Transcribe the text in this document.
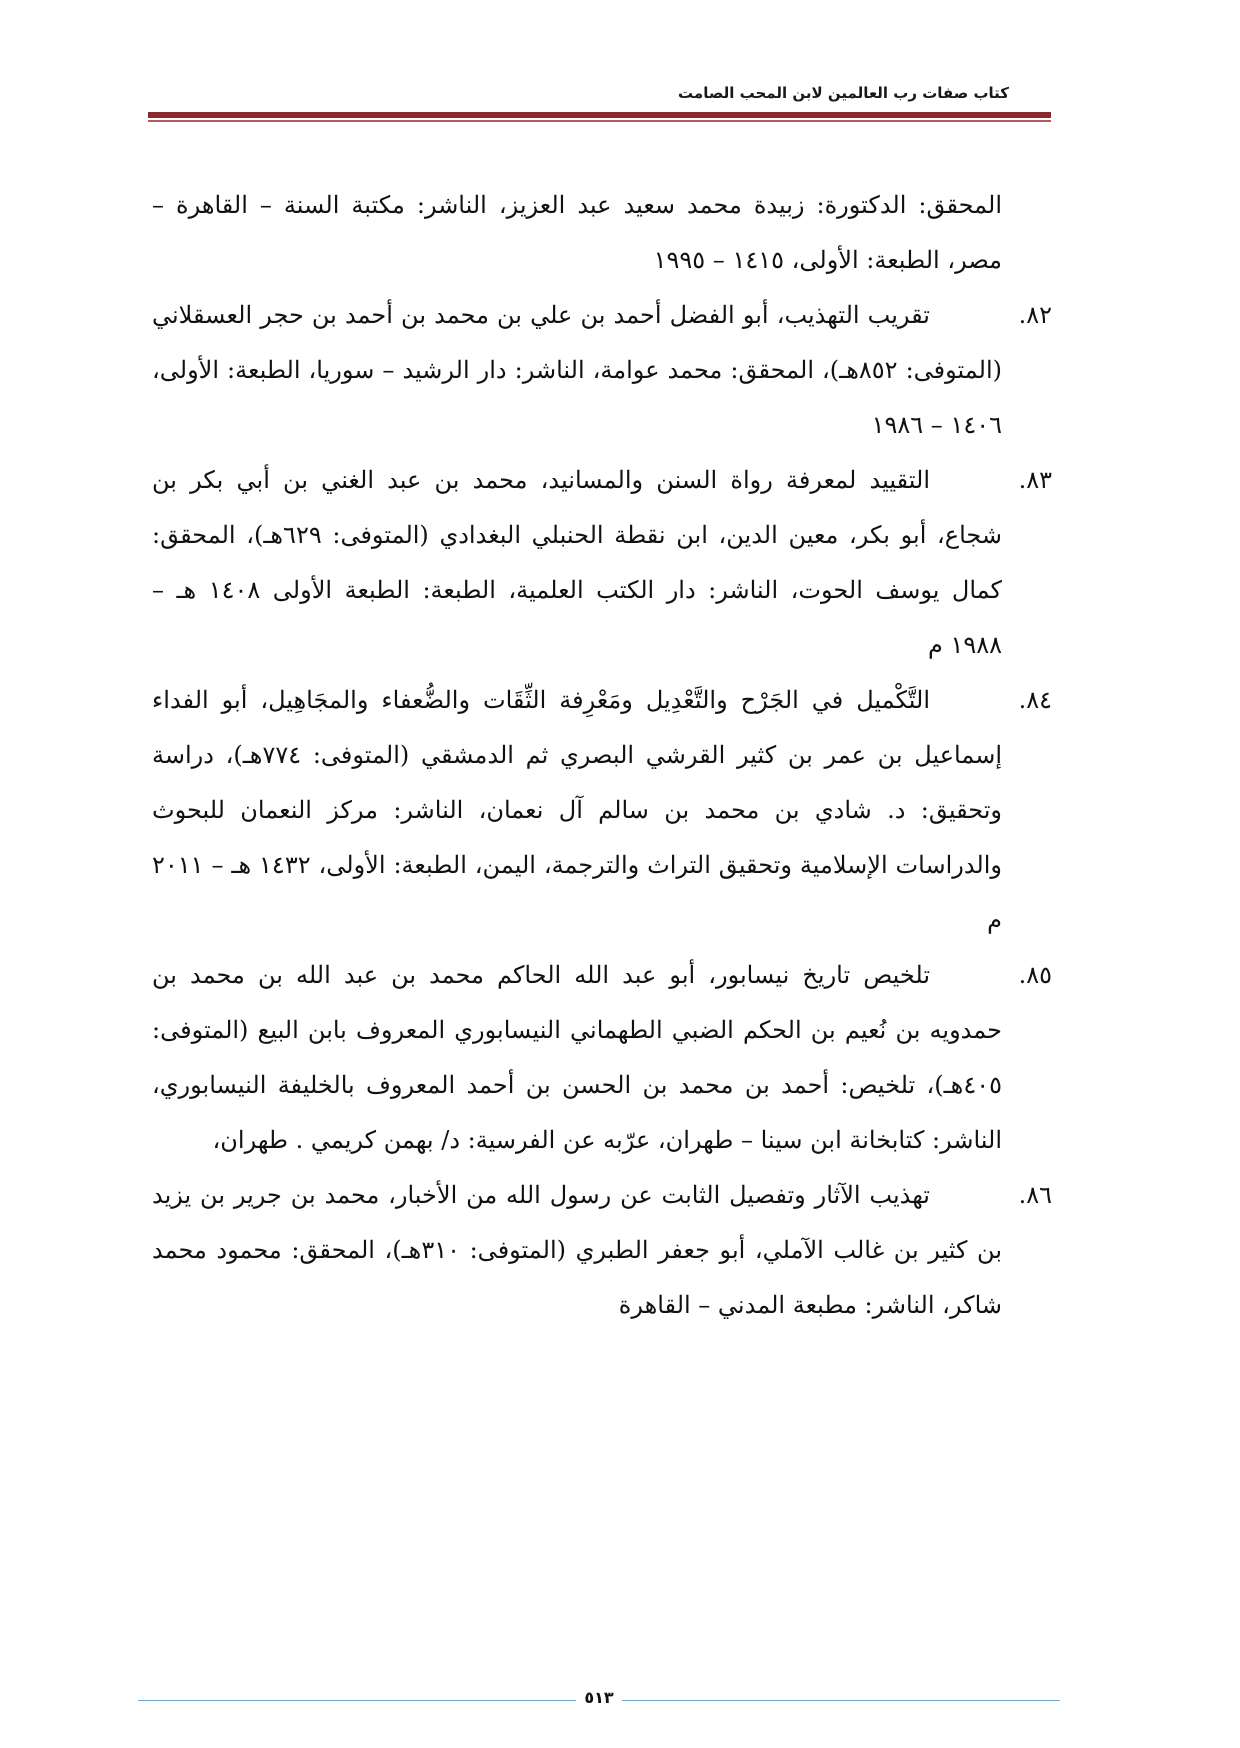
كتاب صفات رب العالمين لابن المحب الصامت

المحقق: الدكتورة: زبيدة محمد سعيد عبد العزيز، الناشر: مكتبة السنة – القاهرة – مصر، الطبعة: الأولى، ١٤١٥ – ١٩٩٥

٨٢.

تقريب التهذيب، أبو الفضل أحمد بن علي بن محمد بن أحمد بن حجر العسقلاني (المتوفى: ٨٥٢هـ)، المحقق: محمد عوامة، الناشر: دار الرشيد – سوريا، الطبعة: الأولى، ١٤٠٦ – ١٩٨٦

٨٣.

التقييد لمعرفة رواة السنن والمسانيد، محمد بن عبد الغني بن أبي بكر بن شجاع، أبو بكر، معين الدين، ابن نقطة الحنبلي البغدادي (المتوفى: ٦٢٩هـ)، المحقق: كمال يوسف الحوت، الناشر: دار الكتب العلمية، الطبعة: الطبعة الأولى ١٤٠٨ هـ – ١٩٨٨ م

٨٤.

التَّكْميل في الجَرْح والتَّعْدِيل ومَعْرِفة الثِّقَات والضُّعفاء والمجَاهِيل، أبو الفداء إسماعيل بن عمر بن كثير القرشي البصري ثم الدمشقي (المتوفى: ٧٧٤هـ)، دراسة وتحقيق: د. شادي بن محمد بن سالم آل نعمان، الناشر: مركز النعمان للبحوث والدراسات الإسلامية وتحقيق التراث والترجمة، اليمن، الطبعة: الأولى، ١٤٣٢ هـ – ٢٠١١ م

٨٥.

تلخيص تاريخ نيسابور، أبو عبد الله الحاكم محمد بن عبد الله بن محمد بن حمدويه بن نُعيم بن الحكم الضبي الطهماني النيسابوري المعروف بابن البيع (المتوفى: ٤٠٥هـ)، تلخيص: أحمد بن محمد بن الحسن بن أحمد المعروف بالخليفة النيسابوري، الناشر: كتابخانة ابن سينا – طهران، عرّبه عن الفرسية: د/ بهمن كريمي . طهران،

٨٦.

تهذيب الآثار وتفصيل الثابت عن رسول الله من الأخبار، محمد بن جرير بن يزيد بن كثير بن غالب الآملي، أبو جعفر الطبري (المتوفى: ٣١٠هـ)، المحقق: محمود محمد شاكر، الناشر: مطبعة المدني – القاهرة

٥١٣
